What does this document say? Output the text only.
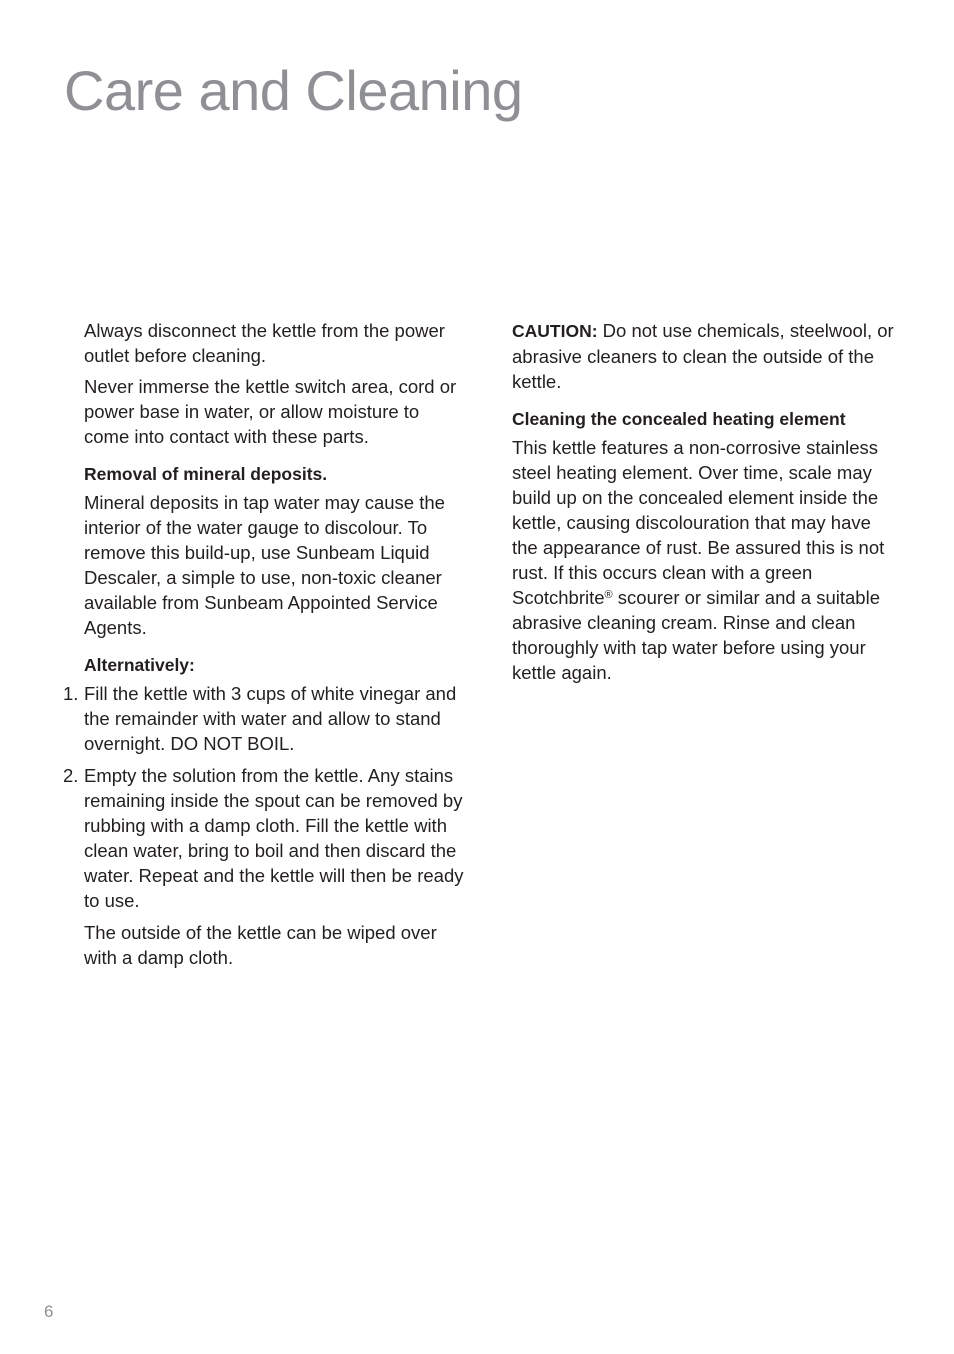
Care and Cleaning

Always disconnect the kettle from the power outlet before cleaning.

Never immerse the kettle switch area, cord or power base in water, or allow moisture to come into contact with these parts.

Removal of mineral deposits.

Mineral deposits in tap water may cause the interior of the water gauge to discolour. To remove this build-up, use Sunbeam Liquid Descaler, a simple to use, non-toxic cleaner available from Sunbeam Appointed Service Agents.

Alternatively:

1. Fill the kettle with 3 cups of white vinegar and the remainder with water and allow to stand overnight. DO NOT BOIL.
2. Empty the solution from the kettle. Any stains remaining inside the spout can be removed by rubbing with a damp cloth. Fill the kettle with clean water, bring to boil and then discard the water. Repeat and the kettle will then be ready to use.

The outside of the kettle can be wiped over with a damp cloth.

CAUTION: Do not use chemicals, steelwool, or abrasive cleaners to clean the outside of the kettle.

Cleaning the concealed heating element

This kettle features a non-corrosive stainless steel heating element. Over time, scale may build up on the concealed element inside the kettle, causing discolouration that may have the appearance of rust. Be assured this is not rust. If this occurs clean with a green Scotchbrite® scourer or similar and a suitable abrasive cleaning cream. Rinse and clean thoroughly with tap water before using your kettle again.

6
